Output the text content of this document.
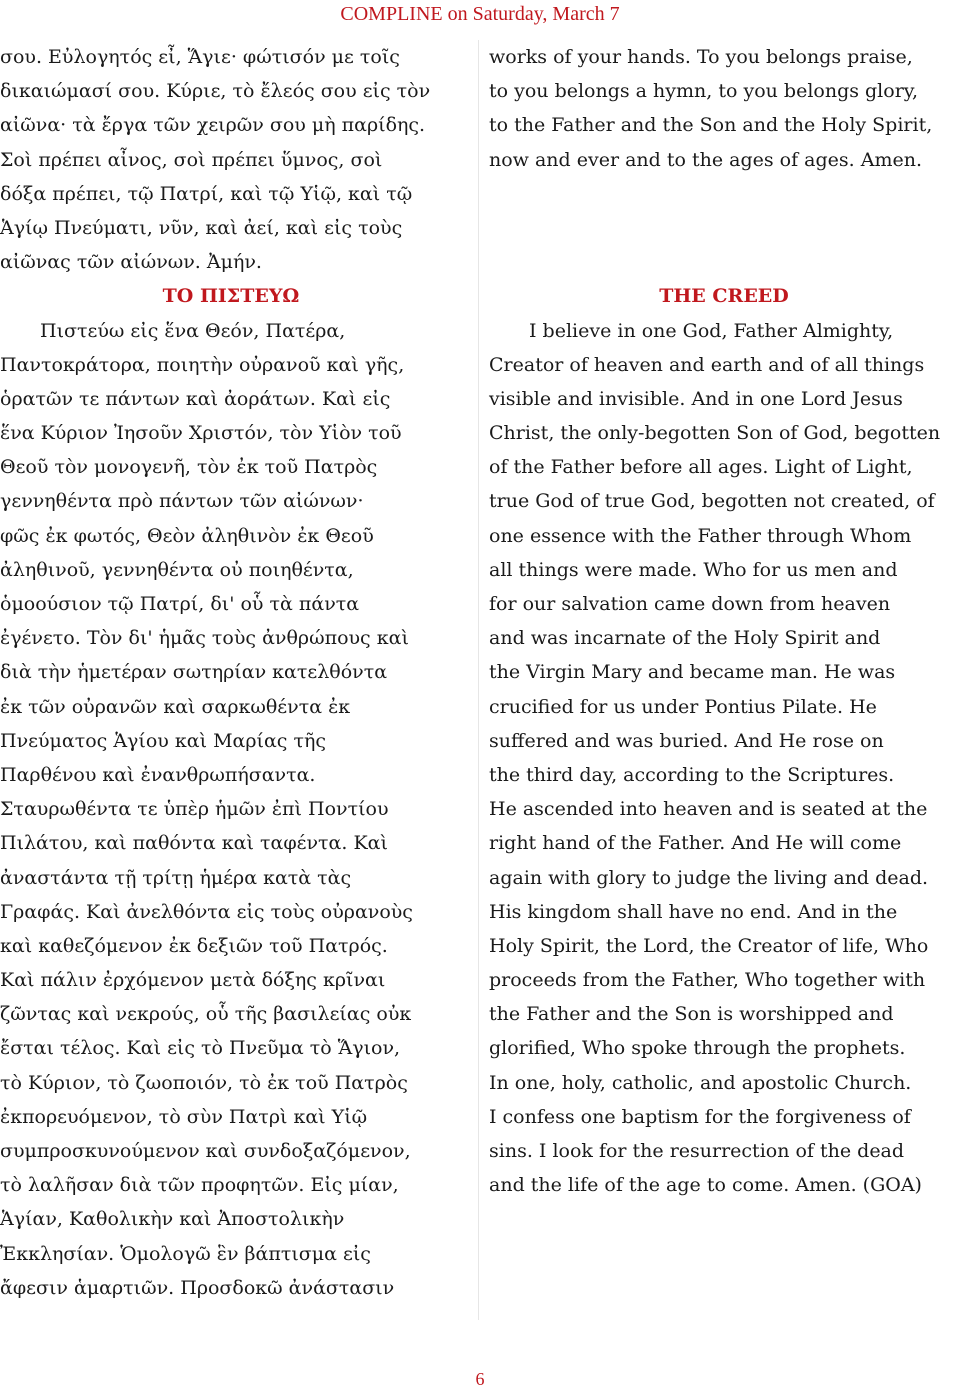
COMPLINE on Saturday, March 7
σου. Εὐλογητός εἶ, Ἅγιε· φώτισόν με τοῖς
δικαιώμασί σου. Κύριε, τὸ ἔλεός σου εἰς τὸν
αἰῶνα· τὰ ἔργα τῶν χειρῶν σου μὴ παρίδης.
Σοὶ πρέπει αἶνος, σοὶ πρέπει ὕμνος, σοὶ
δόξα πρέπει, τῷ Πατρί, καὶ τῷ Υἱῷ, καὶ τῷ
Ἁγίῳ Πνεύματι, νῦν, καὶ ἀεί, καὶ εἰς τοὺς
αἰῶνας τῶν αἰώνων. Ἀμήν.
ΤΟ ΠΙΣΤΕΥΩ
Πιστεύω εἰς ἕνα Θεόν, Πατέρα,
Παντοκράτορα, ποιητὴν οὐρανοῦ καὶ γῆς,
ὁρατῶν τε πάντων καὶ ἀοράτων. Καὶ εἰς
ἕνα Κύριον Ἰησοῦν Χριστόν, τὸν Υἱὸν τοῦ
Θεοῦ τὸν μονογενῆ, τὸν ἐκ τοῦ Πατρὸς
γεννηθέντα πρὸ πάντων τῶν αἰώνων·
φῶς ἐκ φωτός, Θεὸν ἀληθινὸν ἐκ Θεοῦ
ἀληθινοῦ, γεννηθέντα οὐ ποιηθέντα,
ὁμοούσιον τῷ Πατρί, δι' οὗ τὰ πάντα
ἐγένετο. Τὸν δι' ἡμᾶς τοὺς ἀνθρώπους καὶ
διὰ τὴν ἡμετέραν σωτηρίαν κατελθόντα
ἐκ τῶν οὐρανῶν καὶ σαρκωθέντα ἐκ
Πνεύματος Ἁγίου καὶ Μαρίας τῆς
Παρθένου καὶ ἐνανθρωπήσαντα.
Σταυρωθέντα τε ὑπὲρ ἡμῶν ἐπὶ Ποντίου
Πιλάτου, καὶ παθόντα καὶ ταφέντα. Καὶ
ἀναστάντα τῇ τρίτῃ ἡμέρα κατὰ τὰς
Γραφάς. Καὶ ἀνελθόντα εἰς τοὺς οὐρανοὺς
καὶ καθεζόμενον ἐκ δεξιῶν τοῦ Πατρός.
Καὶ πάλιν ἐρχόμενον μετὰ δόξης κρῖναι
ζῶντας καὶ νεκρούς, οὗ τῆς βασιλείας οὐκ
ἔσται τέλος. Καὶ εἰς τὸ Πνεῦμα τὸ Ἅγιον,
τὸ Κύριον, τὸ ζωοποιόν, τὸ ἐκ τοῦ Πατρὸς
ἐκπορευόμενον, τὸ σὺν Πατρὶ καὶ Υἱῷ
συμπροσκυνούμενον καὶ συνδοξαζόμενον,
τὸ λαλῆσαν διὰ τῶν προφητῶν. Εἰς μίαν,
Ἁγίαν, Καθολικὴν καὶ Ἀποστολικὴν
Ἐκκλησίαν. Ὁμολογῶ ἓν βάπτισμα εἰς
ἄφεσιν ἁμαρτιῶν. Προσδοκῶ ἀνάστασιν
works of your hands. To you belongs praise,
to you belongs a hymn, to you belongs glory,
to the Father and the Son and the Holy Spirit,
now and ever and to the ages of ages. Amen.
THE CREED
I believe in one God, Father Almighty,
Creator of heaven and earth and of all things
visible and invisible. And in one Lord Jesus
Christ, the only-begotten Son of God, begotten
of the Father before all ages. Light of Light,
true God of true God, begotten not created, of
one essence with the Father through Whom
all things were made. Who for us men and
for our salvation came down from heaven
and was incarnate of the Holy Spirit and
the Virgin Mary and became man. He was
crucified for us under Pontius Pilate. He
suffered and was buried. And He rose on
the third day, according to the Scriptures.
He ascended into heaven and is seated at the
right hand of the Father. And He will come
again with glory to judge the living and dead.
His kingdom shall have no end. And in the
Holy Spirit, the Lord, the Creator of life, Who
proceeds from the Father, Who together with
the Father and the Son is worshipped and
glorified, Who spoke through the prophets.
In one, holy, catholic, and apostolic Church.
I confess one baptism for the forgiveness of
sins. I look for the resurrection of the dead
and the life of the age to come. Amen. (GOA)
6
